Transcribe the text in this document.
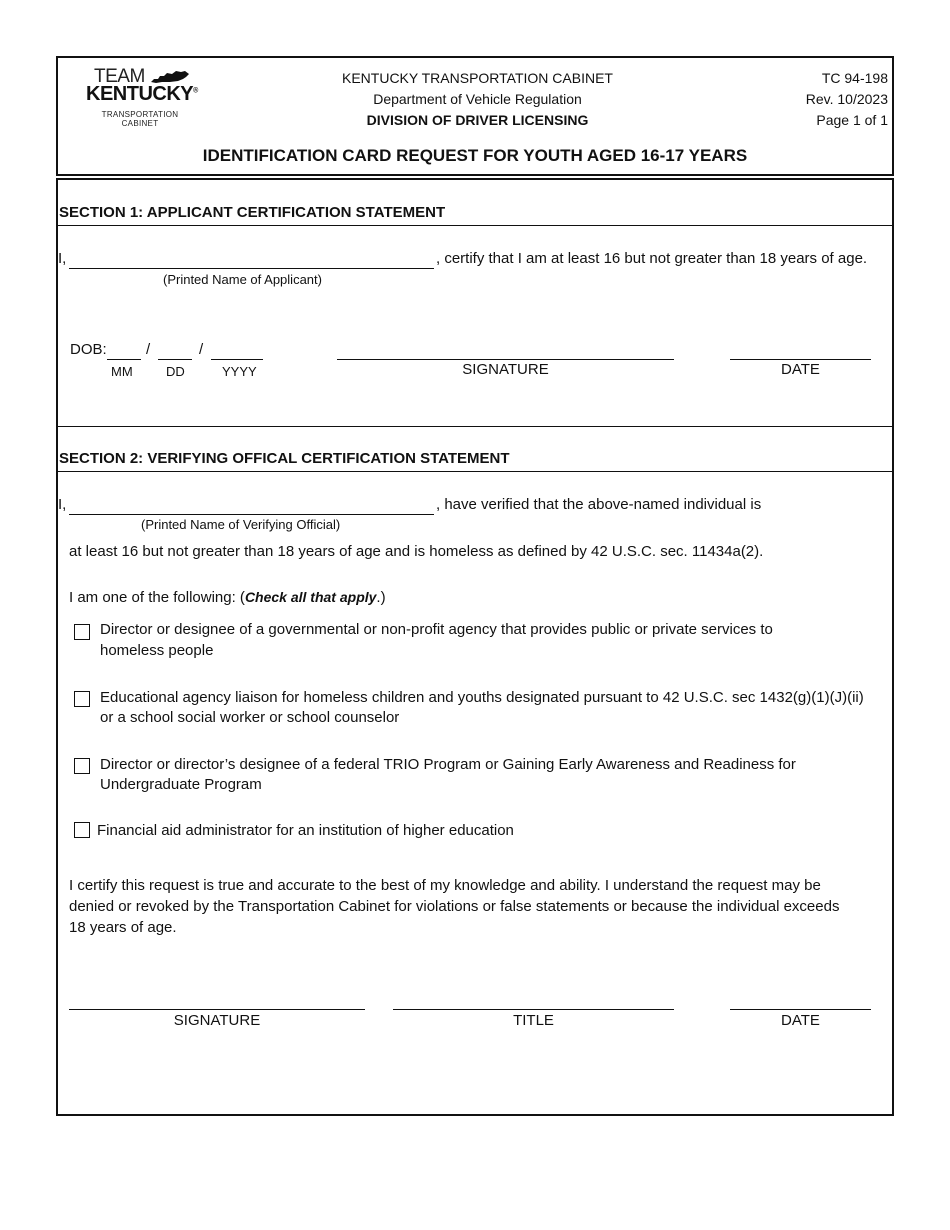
TEAM
KENTUCKY®
TRANSPORTATION
CABINET
KENTUCKY TRANSPORTATION CABINET
Department of Vehicle Regulation
DIVISION OF DRIVER LICENSING
TC 94-198
Rev. 10/2023
Page 1 of 1
IDENTIFICATION CARD REQUEST FOR YOUTH AGED 16-17 YEARS
SECTION 1: APPLICANT CERTIFICATION STATEMENT
I,	, certify that I am at least 16 but not greater than 18 years of age.
(Printed Name of Applicant)
DOB:	/	/
MM	DD	YYYY	SIGNATURE	DATE
SECTION 2: VERIFYING OFFICAL CERTIFICATION STATEMENT
I,	, have verified that the above-named individual is
(Printed Name of Verifying Official)
at least 16 but not greater than 18 years of age and is homeless as defined by 42 U.S.C. sec. 11434a(2).
I am one of the following: (Check all that apply.)
Director or designee of a governmental or non-profit agency that provides public or private services to
homeless people
Educational agency liaison for homeless children and youths designated pursuant to 42 U.S.C. sec 1432(g)(1)(J)(ii)
or a school social worker or school counselor
Director or director’s designee of a federal TRIO Program or Gaining Early Awareness and Readiness for
Undergraduate Program
Financial aid administrator for an institution of higher education
I certify this request is true and accurate to the best of my knowledge and ability. I understand the request may be
denied or revoked by the Transportation Cabinet for violations or false statements or because the individual exceeds
18 years of age.
SIGNATURE	TITLE	DATE
